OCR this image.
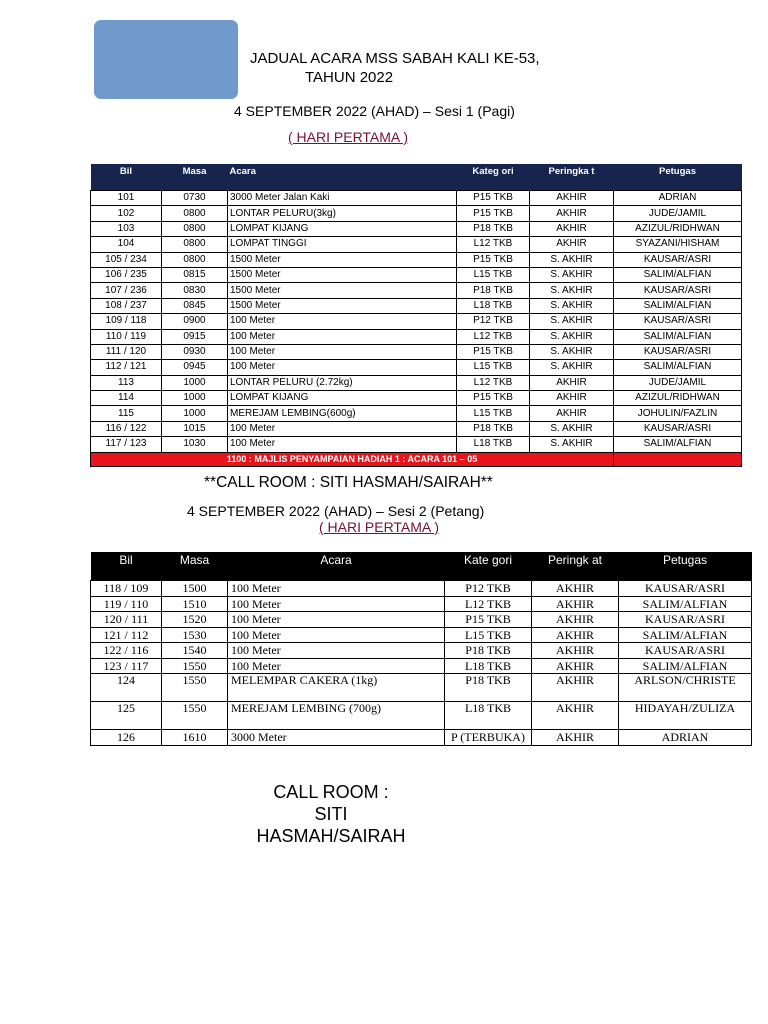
JADUAL ACARA MSS SABAH KALI KE-53,
TAHUN 2022
4 SEPTEMBER 2022 (AHAD) – Sesi 1 (Pagi)
( HARI PERTAMA )
Bil	Masa	Acara	Kateg ori	Peringka t	Petugas
101	0730	3000 Meter Jalan Kaki	P15 TKB	AKHIR	ADRIAN
102	0800	LONTAR PELURU(3kg)	P15 TKB	AKHIR	JUDE/JAMIL
103	0800	LOMPAT KIJANG	P18 TKB	AKHIR	AZIZUL/RIDHWAN
104	0800	LOMPAT TINGGI	L12 TKB	AKHIR	SYAZANI/HISHAM
105 / 234	0800	1500 Meter	P15 TKB	S. AKHIR	KAUSAR/ASRI
106 / 235	0815	1500 Meter	L15 TKB	S. AKHIR	SALIM/ALFIAN
107 / 236	0830	1500 Meter	P18 TKB	S. AKHIR	KAUSAR/ASRI
108 / 237	0845	1500 Meter	L18 TKB	S. AKHIR	SALIM/ALFIAN
109 / 118	0900	100 Meter	P12 TKB	S. AKHIR	KAUSAR/ASRI
110 / 119	0915	100 Meter	L12 TKB	S. AKHIR	SALIM/ALFIAN
111 / 120	0930	100 Meter	P15 TKB	S. AKHIR	KAUSAR/ASRI
112 / 121	0945	100 Meter	L15 TKB	S. AKHIR	SALIM/ALFIAN
113	1000	LONTAR PELURU (2.72kg)	L12 TKB	AKHIR	JUDE/JAMIL
114	1000	LOMPAT KIJANG	P15 TKB	AKHIR	AZIZUL/RIDHWAN
115	1000	MEREJAM LEMBING(600g)	L15 TKB	AKHIR	JOHULIN/FAZLIN
116 / 122	1015	100 Meter	P18 TKB	S. AKHIR	KAUSAR/ASRI
117 / 123	1030	100 Meter	L18 TKB	S. AKHIR	SALIM/ALFIAN
1100 : MAJLIS PENYAMPAIAN HADIAH 1 : ACARA 101 – 05					
**CALL ROOM : SITI HASMAH/SAIRAH**
4 SEPTEMBER 2022 (AHAD) – Sesi 2 (Petang)
( HARI PERTAMA )
Bil	Masa	Acara	Kate gori	Peringk at	Petugas
118 / 109	1500	100 Meter	P12 TKB	AKHIR	KAUSAR/ASRI
119 / 110	1510	100 Meter	L12 TKB	AKHIR	SALIM/ALFIAN
120 / 111	1520	100 Meter	P15 TKB	AKHIR	KAUSAR/ASRI
121 / 112	1530	100 Meter	L15 TKB	AKHIR	SALIM/ALFIAN
122 / 116	1540	100 Meter	P18 TKB	AKHIR	KAUSAR/ASRI
123 / 117	1550	100 Meter	L18 TKB	AKHIR	SALIM/ALFIAN
124	1550	MELEMPAR CAKERA (1kg)	P18 TKB	AKHIR	ARLSON/CHRISTE
125	1550	MEREJAM LEMBING (700g)	L18 TKB	AKHIR	HIDAYAH/ZULIZA
126	1610	3000 Meter	P (TERBUKA)	AKHIR	ADRIAN
CALL ROOM :
SITI
HASMAH/SAIRAH
